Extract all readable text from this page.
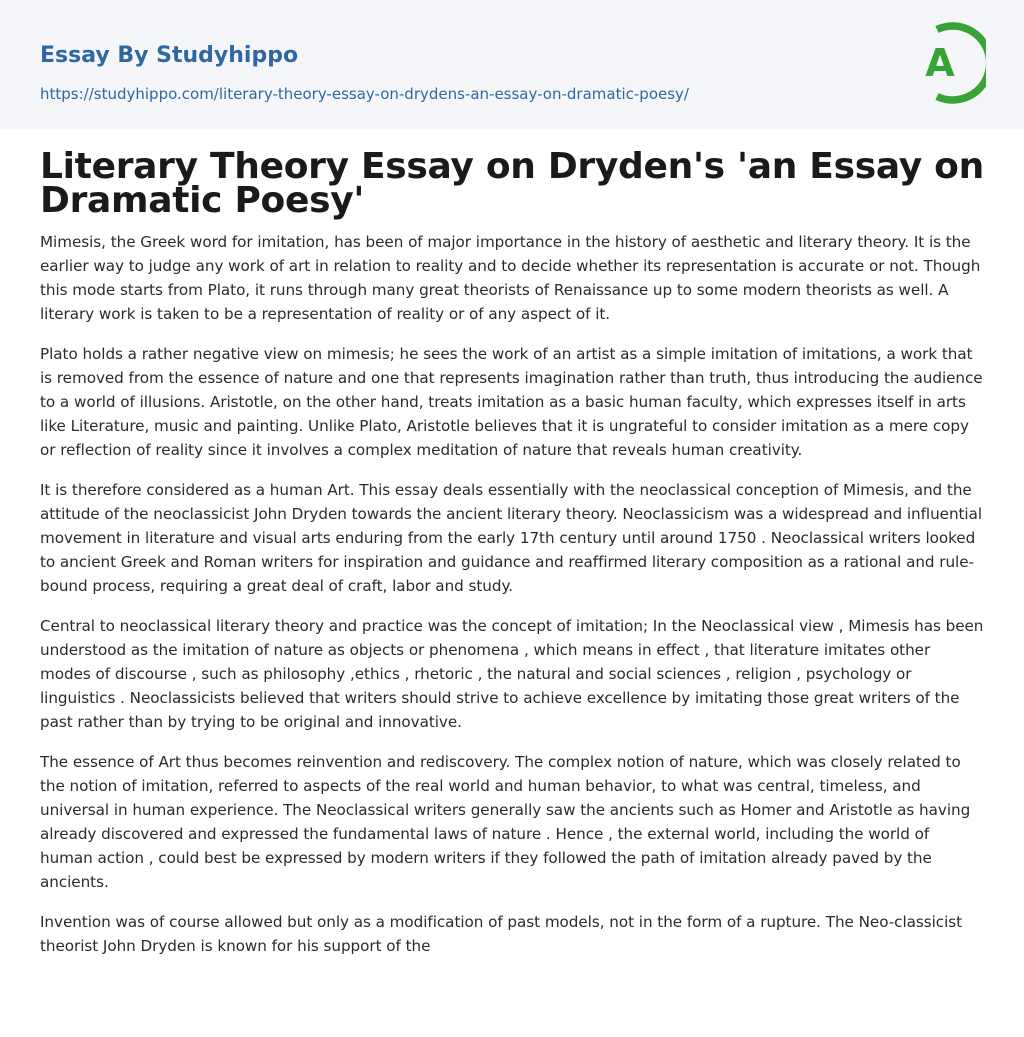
Essay By Studyhippo
https://studyhippo.com/literary-theory-essay-on-drydens-an-essay-on-dramatic-poesy/
A
Literary Theory Essay on Dryden's 'an Essay on Dramatic Poesy'

Mimesis, the Greek word for imitation, has been of major importance in the history of aesthetic and literary theory. It is the earlier way to judge any work of art in relation to reality and to decide whether its representation is accurate or not. Though this mode starts from Plato, it runs through many great theorists of Renaissance up to some modern theorists as well. A literary work is taken to be a representation of reality or of any aspect of it.

Plato holds a rather negative view on mimesis; he sees the work of an artist as a simple imitation of imitations, a work that is removed from the essence of nature and one that represents imagination rather than truth, thus introducing the audience to a world of illusions. Aristotle, on the other hand, treats imitation as a basic human faculty, which expresses itself in arts like Literature, music and painting. Unlike Plato, Aristotle believes that it is ungrateful to consider imitation as a mere copy or reflection of reality since it involves a complex meditation of nature that reveals human creativity.

It is therefore considered as a human Art. This essay deals essentially with the neoclassical conception of Mimesis, and the attitude of the neoclassicist John Dryden towards the ancient literary theory. Neoclassicism was a widespread and influential movement in literature and visual arts enduring from the early 17th century until around 1750 . Neoclassical writers looked to ancient Greek and Roman writers for inspiration and guidance and reaffirmed literary composition as a rational and rule-bound process, requiring a great deal of craft, labor and study.

Central to neoclassical literary theory and practice was the concept of imitation; In the Neoclassical view , Mimesis has been understood as the imitation of nature as objects or phenomena , which means in effect , that literature imitates other modes of discourse , such as philosophy ,ethics , rhetoric , the natural and social sciences , religion , psychology or linguistics . Neoclassicists believed that writers should strive to achieve excellence by imitating those great writers of the past rather than by trying to be original and innovative.

The essence of Art thus becomes reinvention and rediscovery. The complex notion of nature, which was closely related to the notion of imitation, referred to aspects of the real world and human behavior, to what was central, timeless, and universal in human experience. The Neoclassical writers generally saw the ancients such as Homer and Aristotle as having already discovered and expressed the fundamental laws of nature . Hence , the external world, including the world of human action , could best be expressed by modern writers if they followed the path of imitation already paved by the ancients.

Invention was of course allowed but only as a modification of past models, not in the form of a rupture. The Neo-classicist theorist John Dryden is known for his support of the
